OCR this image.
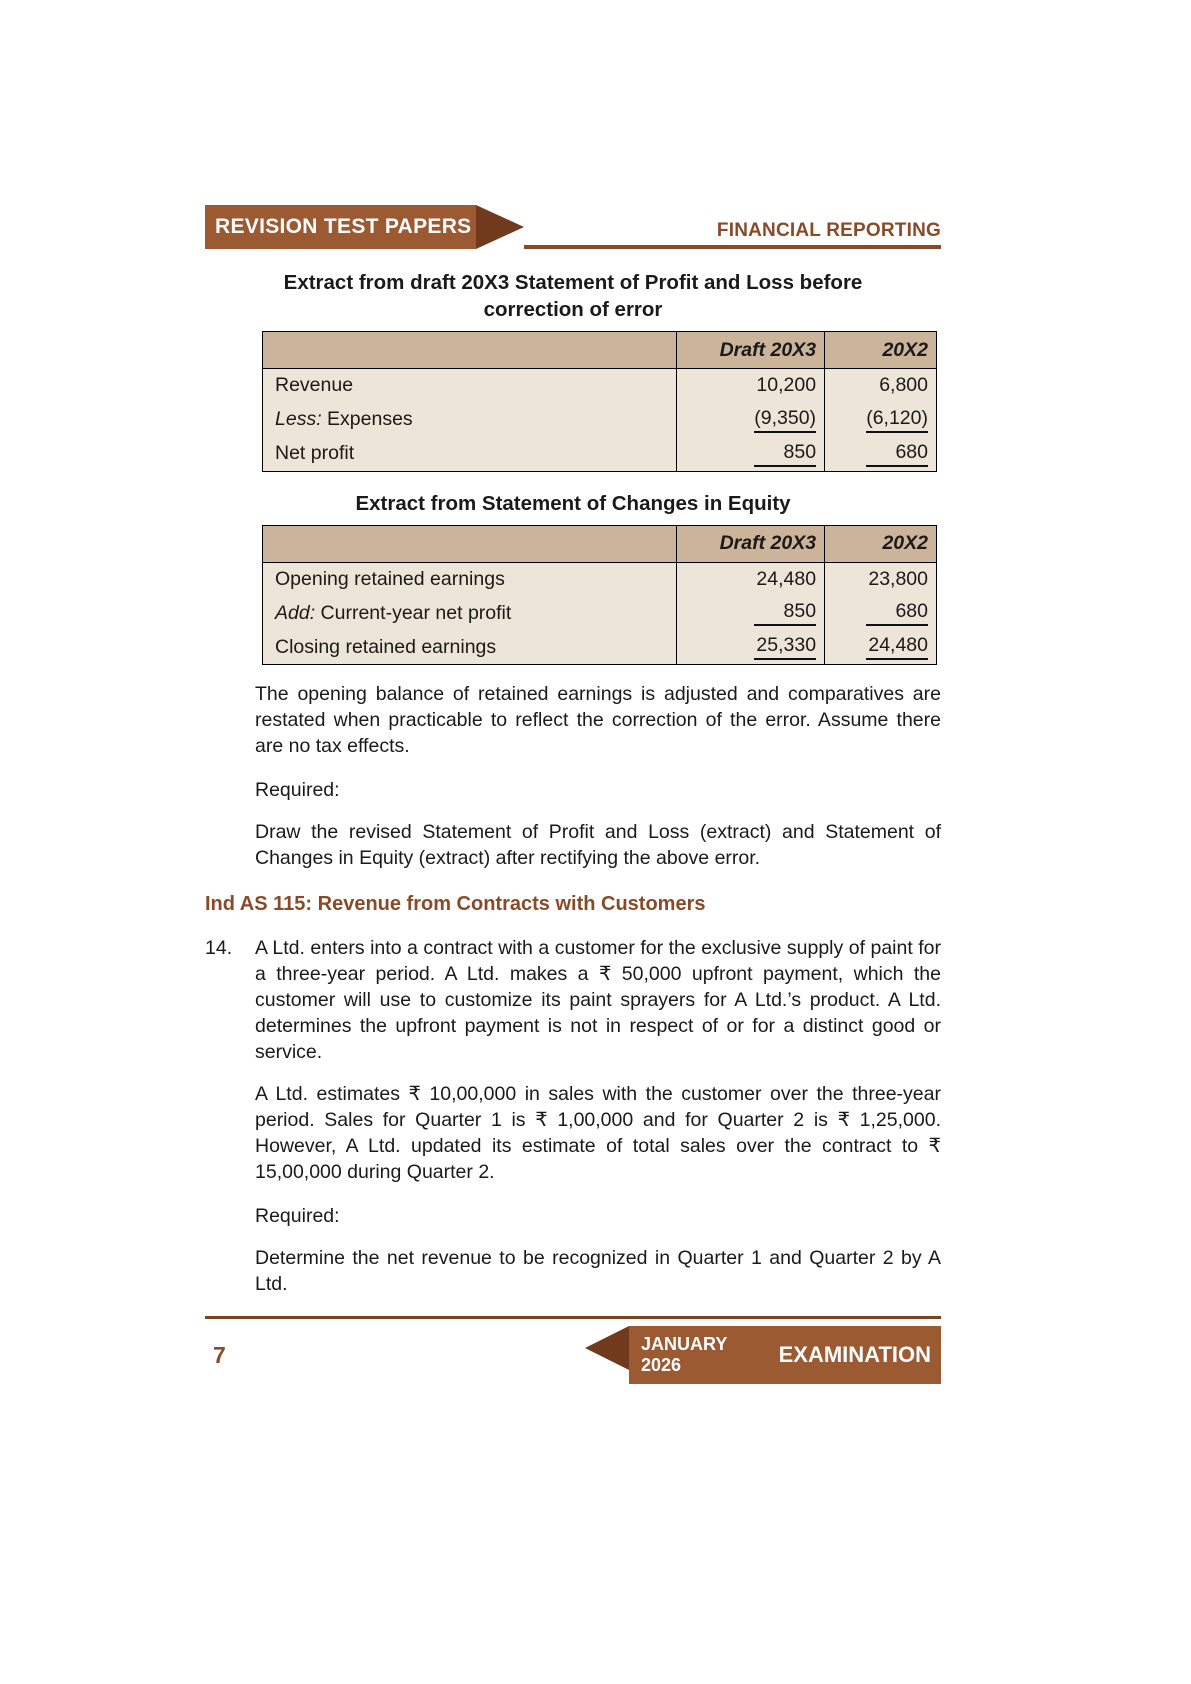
REVISION TEST PAPERS	FINANCIAL REPORTING
Extract from draft 20X3 Statement of Profit and Loss before correction of error
	Draft 20X3	20X2
Revenue	10,200	6,800
Less: Expenses	(9,350)	(6,120)
Net profit	850	680
Extract from Statement of Changes in Equity
	Draft 20X3	20X2
Opening retained earnings	24,480	23,800
Add: Current-year net profit	850	680
Closing retained earnings	25,330	24,480
The opening balance of retained earnings is adjusted and comparatives are restated when practicable to reflect the correction of the error. Assume there are no tax effects.
Required:
Draw the revised Statement of Profit and Loss (extract) and Statement of Changes in Equity (extract) after rectifying the above error.
Ind AS 115: Revenue from Contracts with Customers
14.	A Ltd. enters into a contract with a customer for the exclusive supply of paint for a three-year period. A Ltd. makes a ₹ 50,000 upfront payment, which the customer will use to customize its paint sprayers for A Ltd.’s product. A Ltd. determines the upfront payment is not in respect of or for a distinct good or service.
A Ltd. estimates ₹ 10,00,000 in sales with the customer over the three-year period. Sales for Quarter 1 is ₹ 1,00,000 and for Quarter 2 is ₹ 1,25,000. However, A Ltd. updated its estimate of total sales over the contract to ₹ 15,00,000 during Quarter 2.
Required:
Determine the net revenue to be recognized in Quarter 1 and Quarter 2 by A Ltd.
7	JANUARY 2026	EXAMINATION
